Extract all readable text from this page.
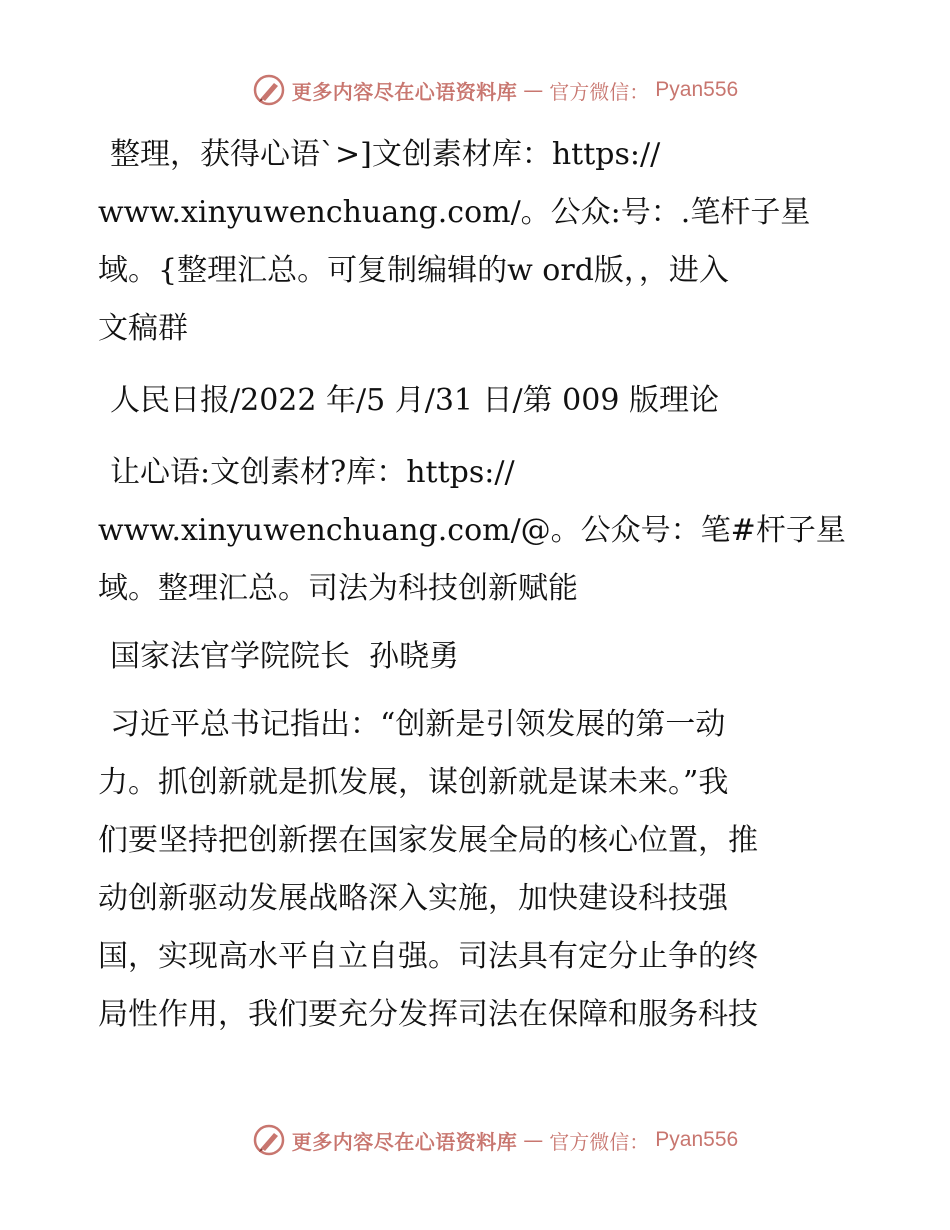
更多内容尽在心语资料库 — 官方微信： Pyan556
整理，获得心语`>]文创素材库：https://
www.xinyuwenchuang.com/。公众:号：.笔杆子星
域。{整理汇总。可复制编辑的w ord版，，进入
文稿群
人民日报/2022 年/5 月/31 日/第 009 版理论
让心语:文创素材?库：https://
www.xinyuwenchuang.com/@。公众号：笔#杆子星
域。整理汇总。司法为科技创新赋能
国家法官学院院长  孙晓勇
习近平总书记指出：“创新是引领发展的第一动
力。抓创新就是抓发展，谋创新就是谋未来。”我
们要坚持把创新摆在国家发展全局的核心位置，推
动创新驱动发展战略深入实施，加快建设科技强
国，实现高水平自立自强。司法具有定分止争的终
局性作用，我们要充分发挥司法在保障和服务科技
更多内容尽在心语资料库 — 官方微信： Pyan556
